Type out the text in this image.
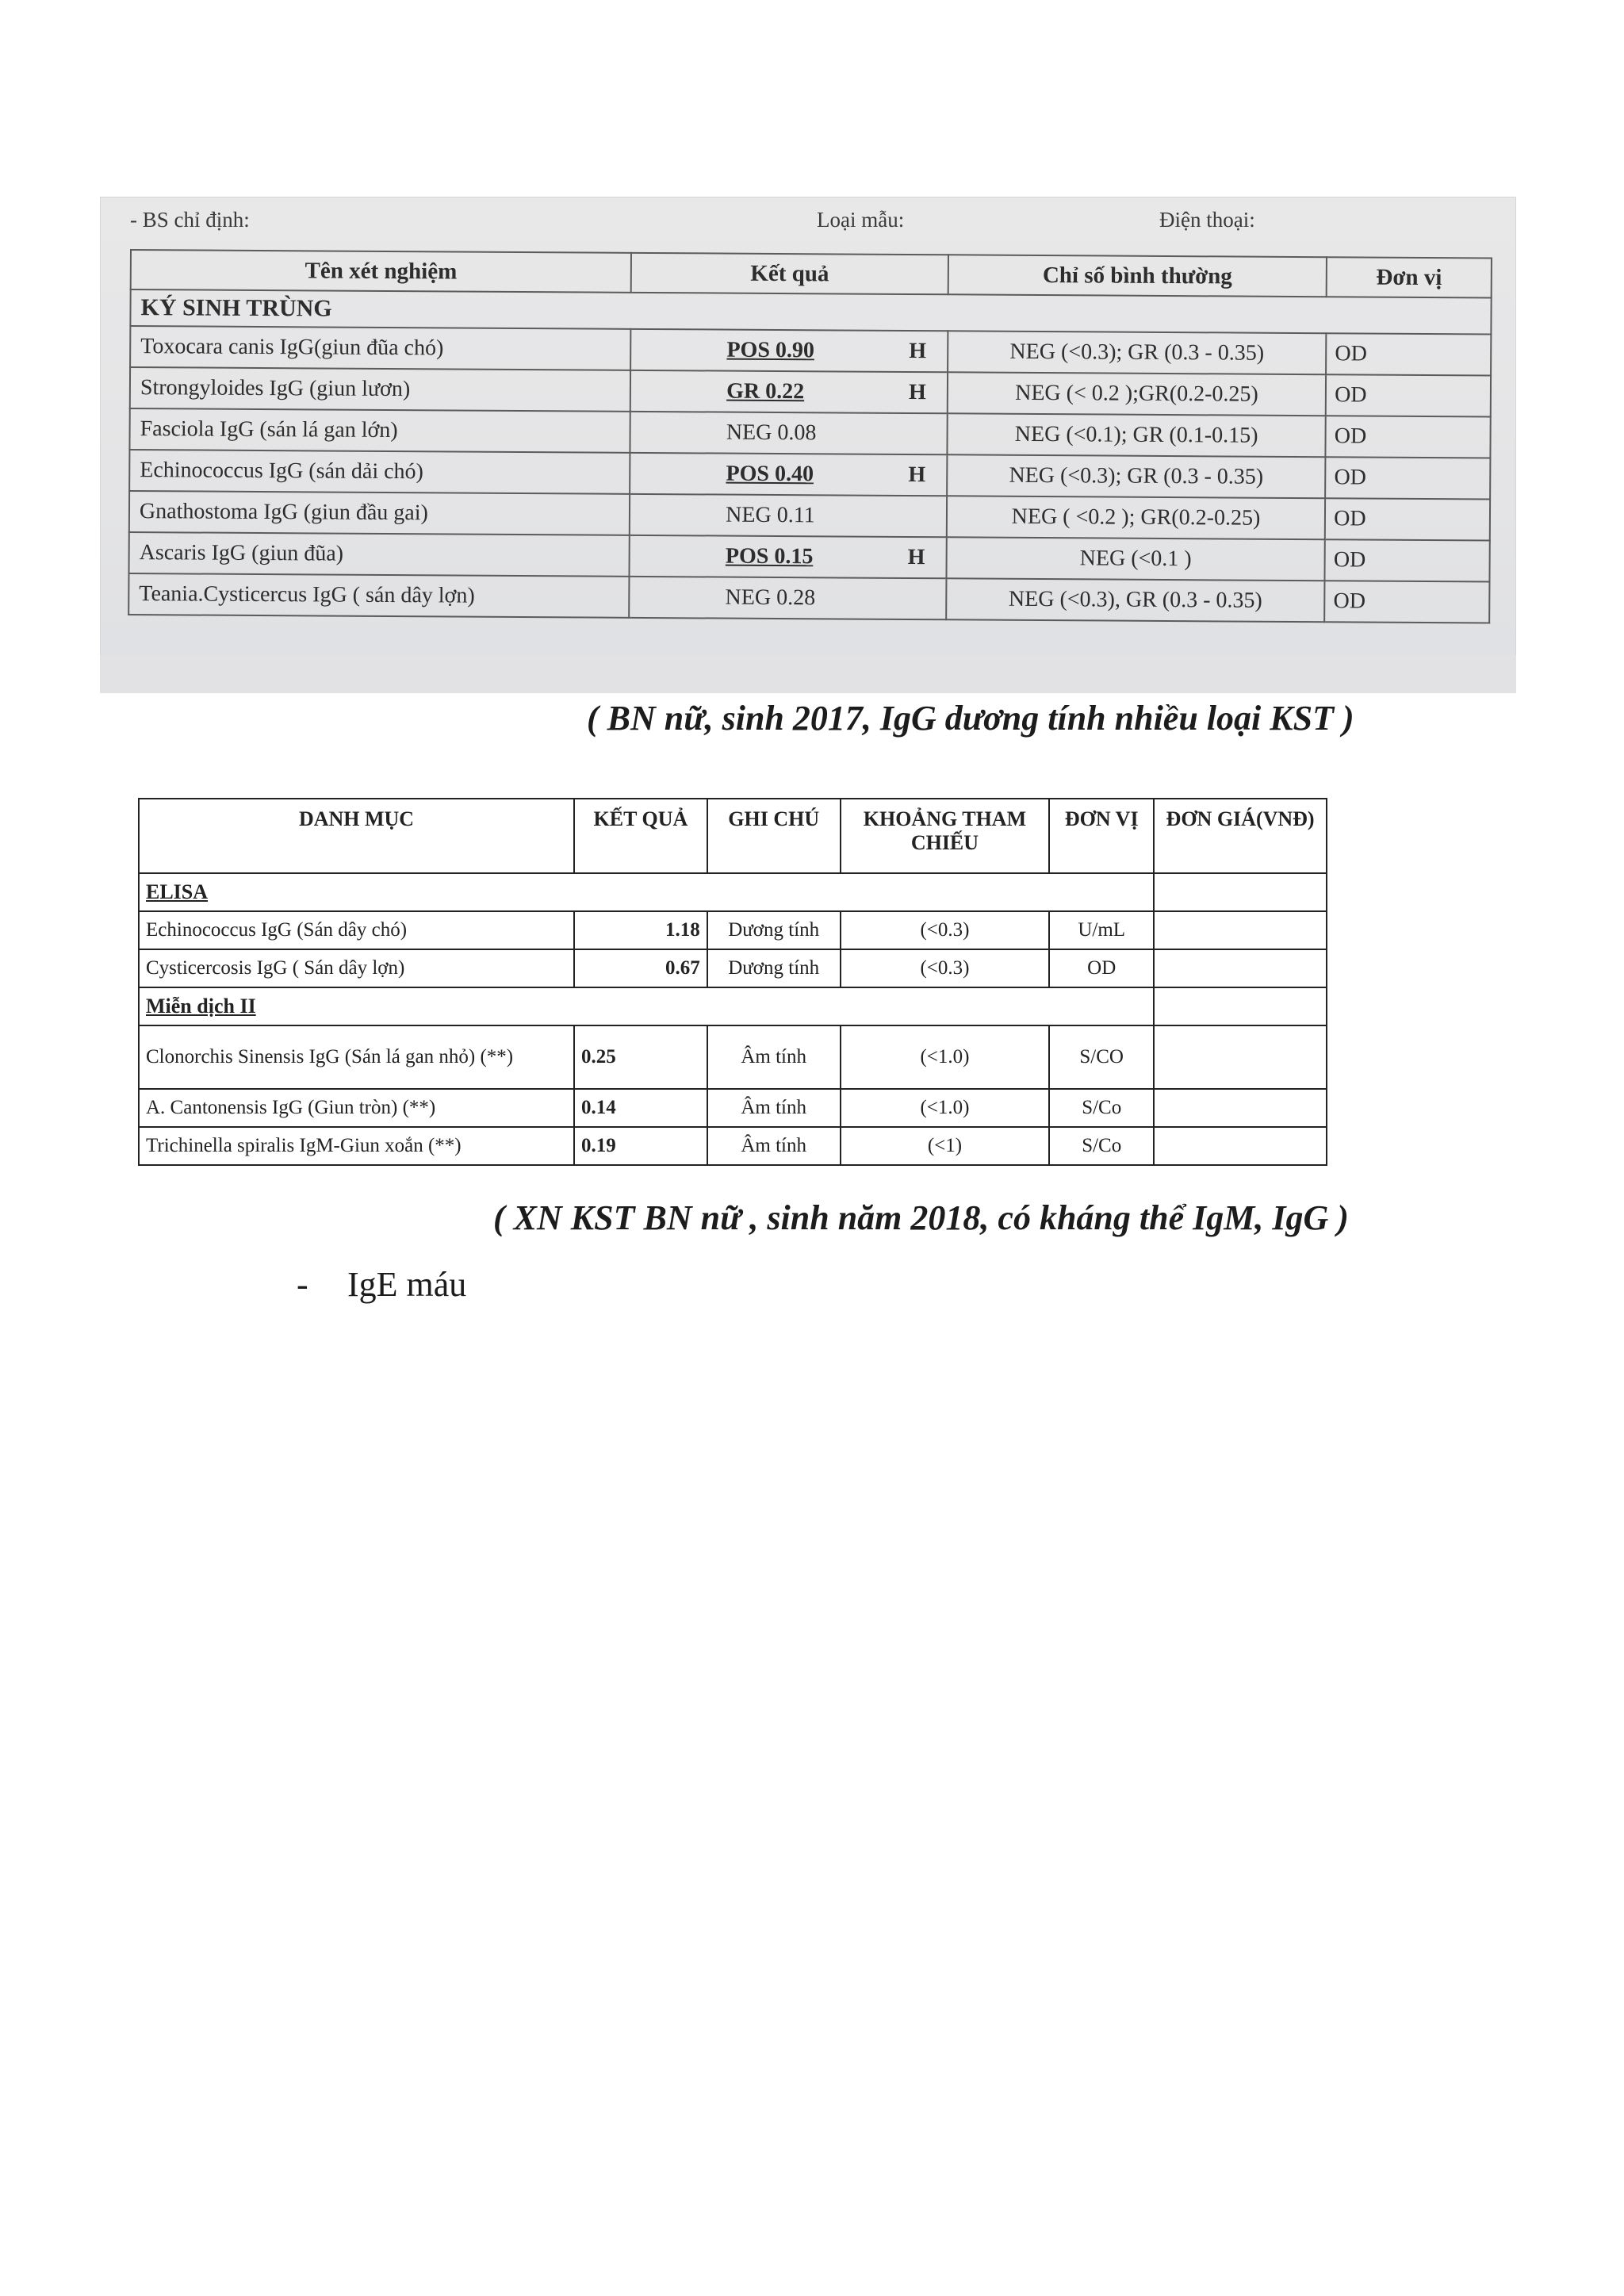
- BS chỉ định:	Loại mẫu:	Điện thoại:
Tên xét nghiệm	Kết quả	Chỉ số bình thường	Đơn vị
KÝ SINH TRÙNG			
Toxocara canis IgG(giun đũa chó)	POS 0.90 H	NEG (<0.3); GR (0.3 - 0.35)	OD
Strongyloides IgG (giun lươn)	GR 0.22 H	NEG (< 0.2 );GR(0.2-0.25)	OD
Fasciola IgG (sán lá gan lớn)	NEG 0.08	NEG (<0.1); GR (0.1-0.15)	OD
Echinococcus IgG (sán dải chó)	POS 0.40 H	NEG (<0.3); GR (0.3 - 0.35)	OD
Gnathostoma IgG (giun đầu gai)	NEG 0.11	NEG ( <0.2 ); GR(0.2-0.25)	OD
Ascaris IgG (giun đũa)	POS 0.15 H	NEG (<0.1 )	OD
Teania.Cysticercus IgG ( sán dây lợn)	NEG 0.28	NEG (<0.3), GR (0.3 - 0.35)	OD
( BN nữ, sinh 2017, IgG dương tính nhiều loại KST )
DANH MỤC	KẾT QUẢ	GHI CHÚ	KHOẢNG THAM CHIẾU	ĐƠN VỊ	ĐƠN GIÁ(VNĐ)
ELISA					
Echinococcus IgG (Sán dây chó)	1.18	Dương tính	(<0.3)	U/mL	
Cysticercosis IgG ( Sán dây lợn)	0.67	Dương tính	(<0.3)	OD	
Miễn dịch II					
Clonorchis Sinensis IgG (Sán lá gan nhỏ) (**)	0.25	Âm tính	(<1.0)	S/CO	
A. Cantonensis IgG (Giun tròn) (**)	0.14	Âm tính	(<1.0)	S/Co	
Trichinella spiralis IgM-Giun xoắn (**)	0.19	Âm tính	(<1)	S/Co	
( XN KST BN nữ , sinh năm 2018, có kháng thể IgM, IgG )
- IgE máu
